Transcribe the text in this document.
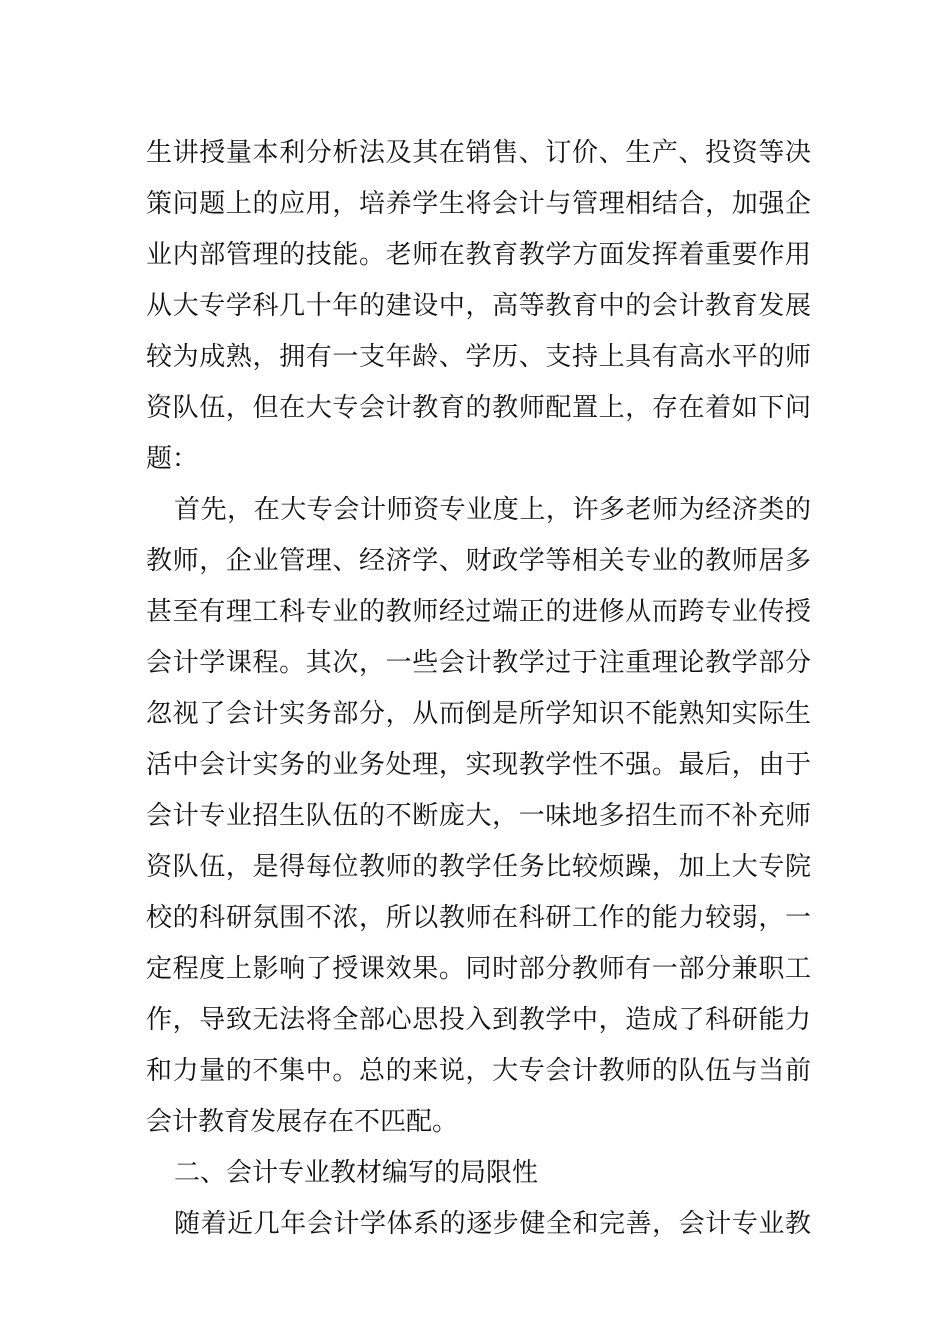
生讲授量本利分析法及其在销售、订价、生产、投资等决
策问题上的应用，培养学生将会计与管理相结合，加强企
业内部管理的技能。老师在教育教学方面发挥着重要作用
从大专学科几十年的建设中，高等教育中的会计教育发展
较为成熟，拥有一支年龄、学历、支持上具有高水平的师
资队伍，但在大专会计教育的教师配置上，存在着如下问
题：
首先，在大专会计师资专业度上，许多老师为经济类的
教师，企业管理、经济学、财政学等相关专业的教师居多
甚至有理工科专业的教师经过端正的进修从而跨专业传授
会计学课程。其次，一些会计教学过于注重理论教学部分
忽视了会计实务部分，从而倒是所学知识不能熟知实际生
活中会计实务的业务处理，实现教学性不强。最后，由于
会计专业招生队伍的不断庞大，一味地多招生而不补充师
资队伍，是得每位教师的教学任务比较烦躁，加上大专院
校的科研氛围不浓，所以教师在科研工作的能力较弱，一
定程度上影响了授课效果。同时部分教师有一部分兼职工
作，导致无法将全部心思投入到教学中，造成了科研能力
和力量的不集中。总的来说，大专会计教师的队伍与当前
会计教育发展存在不匹配。
二、会计专业教材编写的局限性
随着近几年会计学体系的逐步健全和完善，会计专业教
